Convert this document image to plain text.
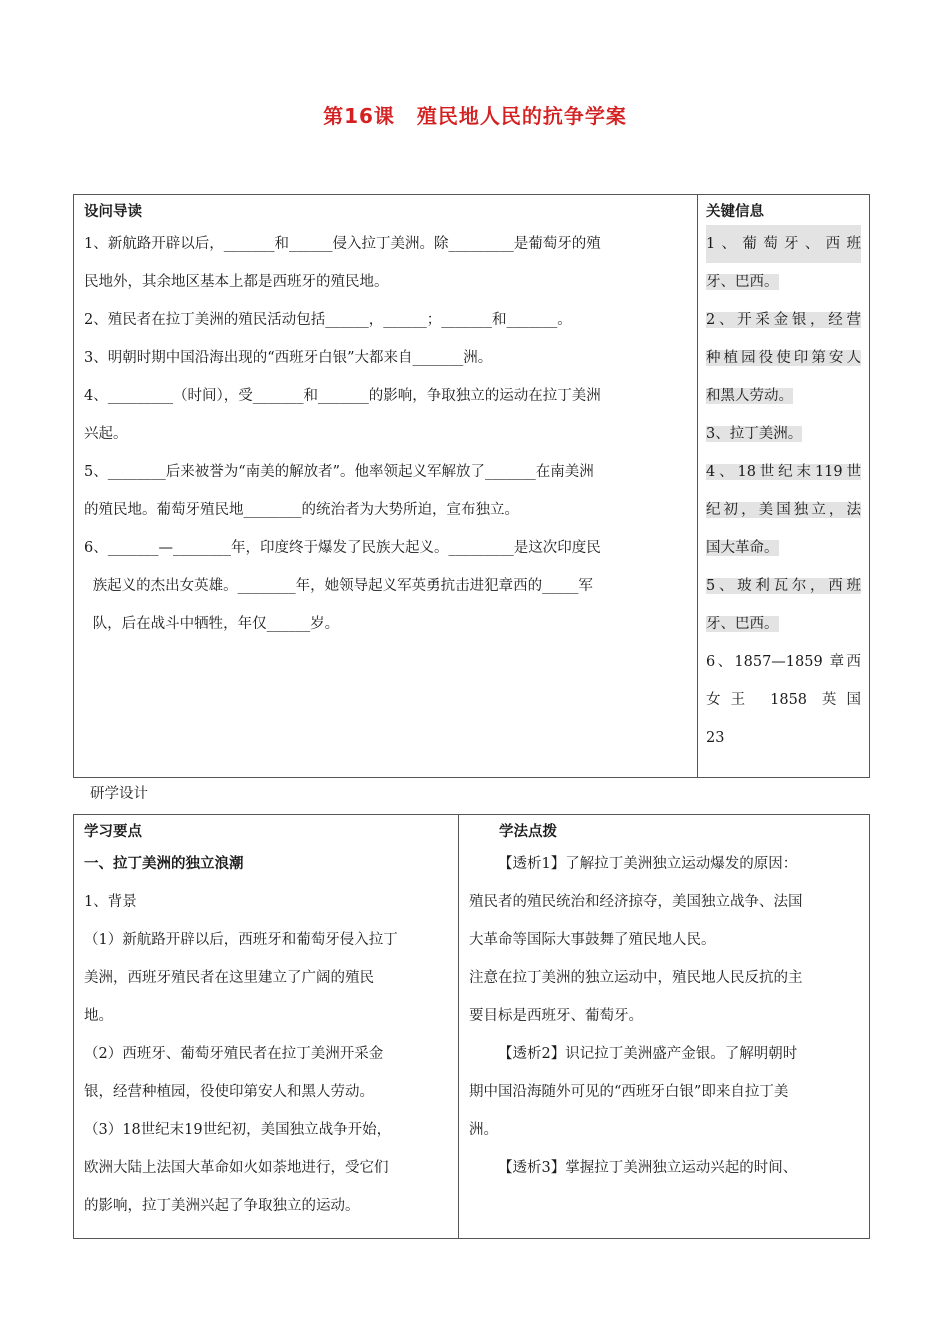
第16课 殖民地人民的抗争学案
设问导读

1、新航路开辟以后，_______和______侵入拉丁美洲。除_________是葡萄牙的殖

民地外，其余地区基本上都是西班牙的殖民地。

2、殖民者在拉丁美洲的殖民活动包括______，______；_______和_______。

3、明朝时期中国沿海出现的“西班牙白银”大都来自_______洲。

4、_________（时间），受_______和_______的影响，争取独立的运动在拉丁美洲

兴起。

5、________后来被誉为“南美的解放者”。他率领起义军解放了_______在南美洲

的殖民地。葡萄牙殖民地________的统治者为大势所迫，宣布独立。

6、_______—________年，印度终于爆发了民族大起义。_________是这次印度民

族起义的杰出女英雄。________年，她领导起义军英勇抗击进犯章西的_____军

队，后在战斗中牺牲，年仅______岁。

关键信息

1、葡萄牙、西班

牙、巴西。

2、开采金银，经营

种植园役使印第安人

和黑人劳动。

3、拉丁美洲。

4、18世纪末119世

纪初，美国独立，法

国大革命。

5、玻利瓦尔，西班

牙、巴西。

6、1857—1859 章西

女王 1858 英国

23

研学设计
学习要点

一、拉丁美洲的独立浪潮

1、背景

（1）新航路开辟以后，西班牙和葡萄牙侵入拉丁

美洲，西班牙殖民者在这里建立了广阔的殖民

地。

（2）西班牙、葡萄牙殖民者在拉丁美洲开采金

银，经营种植园，役使印第安人和黑人劳动。

（3）18世纪末19世纪初，美国独立战争开始，

欧洲大陆上法国大革命如火如荼地进行，受它们

的影响，拉丁美洲兴起了争取独立的运动。

学法点拨

【透析1】了解拉丁美洲独立运动爆发的原因：

殖民者的殖民统治和经济掠夺，美国独立战争、法国

大革命等国际大事鼓舞了殖民地人民。

注意在拉丁美洲的独立运动中，殖民地人民反抗的主

要目标是西班牙、葡萄牙。

【透析2】识记拉丁美洲盛产金银。了解明朝时

期中国沿海随外可见的“西班牙白银”即来自拉丁美

洲。

【透析3】掌握拉丁美洲独立运动兴起的时间、
